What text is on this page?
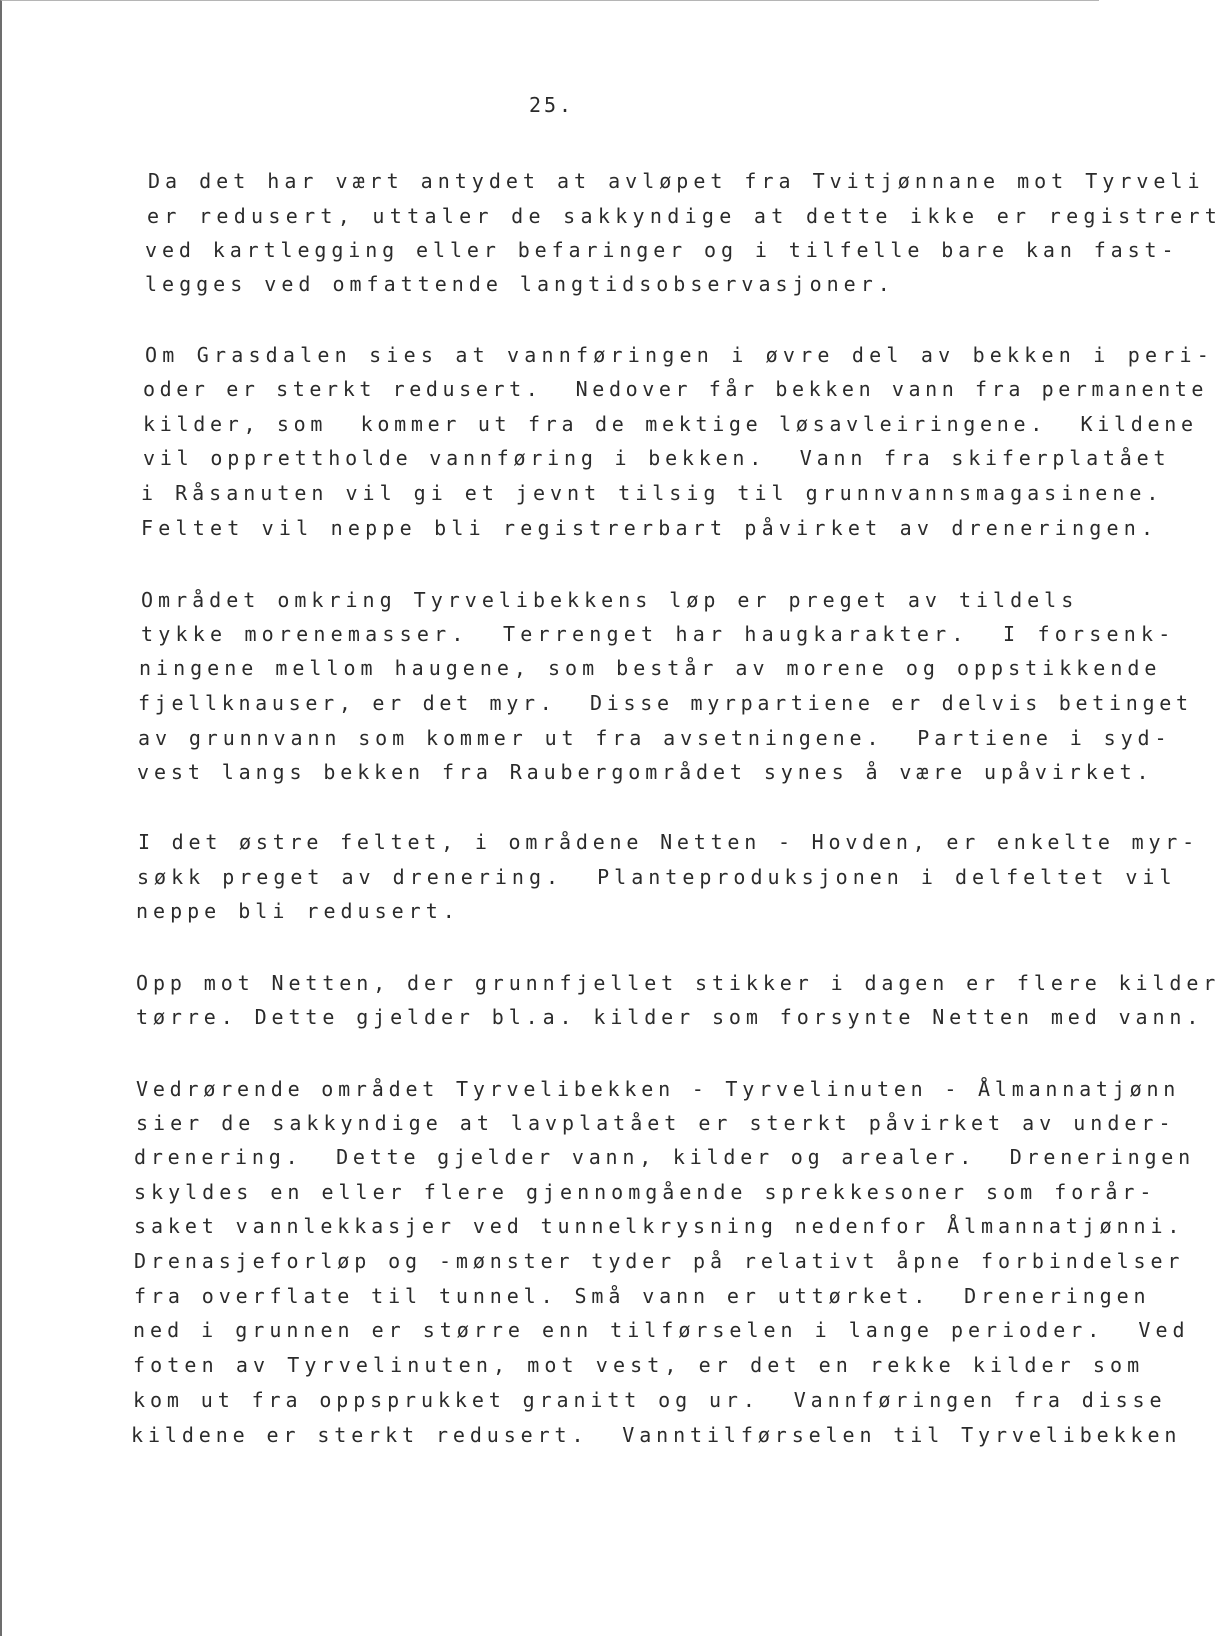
25.
Da det har vært antydet at avløpet fra Tvitjønnane mot Tyrveli
er redusert, uttaler de sakkyndige at dette ikke er registrert
ved kartlegging eller befaringer og i tilfelle bare kan fast-
legges ved omfattende langtidsobservasjoner.
Om Grasdalen sies at vannføringen i øvre del av bekken i peri-
oder er sterkt redusert.  Nedover får bekken vann fra permanente
kilder, som  kommer ut fra de mektige løsavleiringene.  Kildene
vil opprettholde vannføring i bekken.  Vann fra skiferplatået
i Råsanuten vil gi et jevnt tilsig til grunnvannsmagasinene.
Feltet vil neppe bli registrerbart påvirket av dreneringen.
Området omkring Tyrvelibekkens løp er preget av tildels
tykke morenemasser.  Terrenget har haugkarakter.  I forsenk-
ningene mellom haugene, som består av morene og oppstikkende
fjellknauser, er det myr.  Disse myrpartiene er delvis betinget
av grunnvann som kommer ut fra avsetningene.  Partiene i syd-
vest langs bekken fra Raubergområdet synes å være upåvirket.
I det østre feltet, i områdene Netten - Hovden, er enkelte myr-
søkk preget av drenering.  Planteproduksjonen i delfeltet vil
neppe bli redusert.
Opp mot Netten, der grunnfjellet stikker i dagen er flere kilder
tørre. Dette gjelder bl.a. kilder som forsynte Netten med vann.
Vedrørende området Tyrvelibekken - Tyrvelinuten - Ålmannatjønn
sier de sakkyndige at lavplatået er sterkt påvirket av under-
drenering.  Dette gjelder vann, kilder og arealer.  Dreneringen
skyldes en eller flere gjennomgående sprekkesoner som forår-
saket vannlekkasjer ved tunnelkrysning nedenfor Ålmannatjønni.
Drenasjeforløp og -mønster tyder på relativt åpne forbindelser
fra overflate til tunnel. Små vann er uttørket.  Dreneringen
ned i grunnen er større enn tilførselen i lange perioder.  Ved
foten av Tyrvelinuten, mot vest, er det en rekke kilder som
kom ut fra oppsprukket granitt og ur.  Vannføringen fra disse
kildene er sterkt redusert.  Vanntilførselen til Tyrvelibekken
